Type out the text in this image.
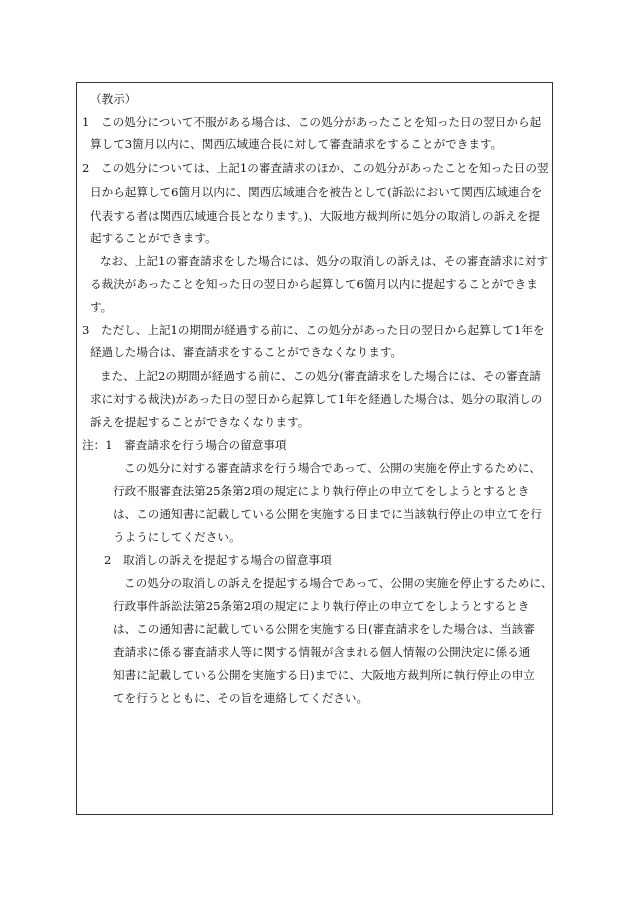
（教示）
1　この処分について不服がある場合は、この処分があったことを知った日の翌日から起
算して3箇月以内に、関西広域連合長に対して審査請求をすることができます。
2　この処分については、上記1の審査請求のほか、この処分があったことを知った日の翌
日から起算して6箇月以内に、関西広域連合を被告として(訴訟において関西広域連合を
代表する者は関西広域連合長となります。)、大阪地方裁判所に処分の取消しの訴えを提
起することができます。
なお、上記1の審査請求をした場合には、処分の取消しの訴えは、その審査請求に対す
る裁決があったことを知った日の翌日から起算して6箇月以内に提起することができま
す。
3　ただし、上記1の期間が経過する前に、この処分があった日の翌日から起算して1年を
経過した場合は、審査請求をすることができなくなります。
また、上記2の期間が経過する前に、この処分(審査請求をした場合には、その審査請
求に対する裁決)があった日の翌日から起算して1年を経過した場合は、処分の取消しの
訴えを提起することができなくなります。
注：1　審査請求を行う場合の留意事項
この処分に対する審査請求を行う場合であって、公開の実施を停止するために、
行政不服審査法第25条第2項の規定により執行停止の申立てをしようとするとき
は、この通知書に記載している公開を実施する日までに当該執行停止の申立てを行
うようにしてください。
2　取消しの訴えを提起する場合の留意事項
この処分の取消しの訴えを提起する場合であって、公開の実施を停止するために、
行政事件訴訟法第25条第2項の規定により執行停止の申立てをしようとするとき
は、この通知書に記載している公開を実施する日(審査請求をした場合は、当該審
査請求に係る審査請求人等に関する情報が含まれる個人情報の公開決定に係る通
知書に記載している公開を実施する日)までに、大阪地方裁判所に執行停止の申立
てを行うとともに、その旨を連絡してください。
